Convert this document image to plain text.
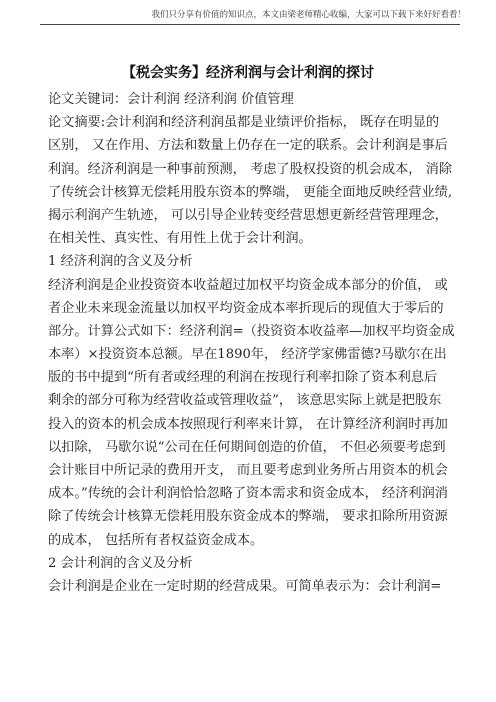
我们只分享有价值的知识点，本文由梁老师精心收编，大家可以下载下来好好看看！
【税会实务】经济利润与会计利润的探讨
论文关键词：会计利润 经济利润 价值管理
论文摘要:会计利润和经济利润虽都是业绩评价指标， 既存在明显的
区别， 又在作用、方法和数量上仍存在一定的联系。会计利润是事后
利润。经济利润是一种事前预测， 考虑了股权投资的机会成本， 消除
了传统会计核算无偿耗用股东资本的弊端， 更能全面地反映经营业绩,
揭示利润产生轨迹， 可以引导企业转变经营思想更新经营管理理念，
在相关性、真实性、有用性上优于会计利润。
1 经济利润的含义及分析
经济利润是企业投资资本收益超过加权平均资金成本部分的价值， 或
者企业未来现金流量以加权平均资金成本率折现后的现值大于零后的
部分。计算公式如下：经济利润=（投资资本收益率—加权平均资金成
本率）×投资资本总额。早在1890年， 经济学家佛雷德?马歇尔在出
版的书中提到“所有者或经理的利润在按现行利率扣除了资本利息后
剩余的部分可称为经营收益或管理收益”， 该意思实际上就是把股东
投入的资本的机会成本按照现行利率来计算， 在计算经济利润时再加
以扣除， 马歇尔说“公司在任何期间创造的价值， 不但必须要考虑到
会计账目中所记录的费用开支， 而且要考虑到业务所占用资本的机会
成本。”传统的会计利润恰恰忽略了资本需求和资金成本， 经济利润消
除了传统会计核算无偿耗用股东资金成本的弊端， 要求扣除所用资源
的成本， 包括所有者权益资金成本。
2 会计利润的含义及分析
会计利润是企业在一定时期的经营成果。可简单表示为：会计利润=
